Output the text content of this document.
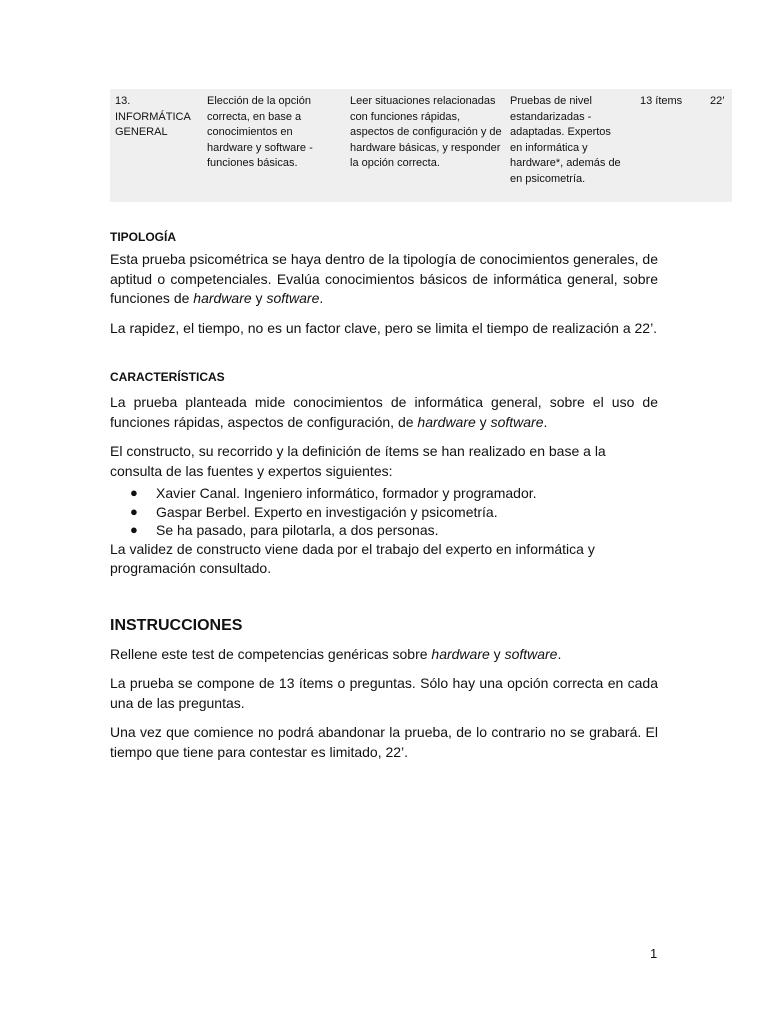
13. INFORMÁTICA GENERAL
Elección de la opción correcta, en base a conocimientos en hardware y software - funciones básicas.
Leer situaciones relacionadas con funciones rápidas, aspectos de configuración y de hardware básicas, y responder la opción correcta.
Pruebas de nivel estandarizadas - adaptadas. Expertos en informática y hardware*, además de en psicometría.
13 ítems	22’
TIPOLOGÍA

Esta prueba psicométrica se haya dentro de la tipología de conocimientos generales, de aptitud o competenciales. Evalúa conocimientos básicos de informática general, sobre funciones de hardware y software.

La rapidez, el tiempo, no es un factor clave, pero se limita el tiempo de realización a 22’.

CARACTERÍSTICAS

La prueba planteada mide conocimientos de informática general, sobre el uso de funciones rápidas, aspectos de configuración, de hardware y software.

El constructo, su recorrido y la definición de ítems se han realizado en base a la consulta de las fuentes y expertos siguientes:

● Xavier Canal. Ingeniero informático, formador y programador.
● Gaspar Berbel. Experto en investigación y psicometría.
● Se ha pasado, para pilotarla, a dos personas.

La validez de constructo viene dada por el trabajo del experto en informática y programación consultado.

INSTRUCCIONES

Rellene este test de competencias genéricas sobre hardware y software.

La prueba se compone de 13 ítems o preguntas. Sólo hay una opción correcta en cada una de las preguntas.

Una vez que comience no podrá abandonar la prueba, de lo contrario no se grabará. El tiempo que tiene para contestar es limitado, 22’.

1
